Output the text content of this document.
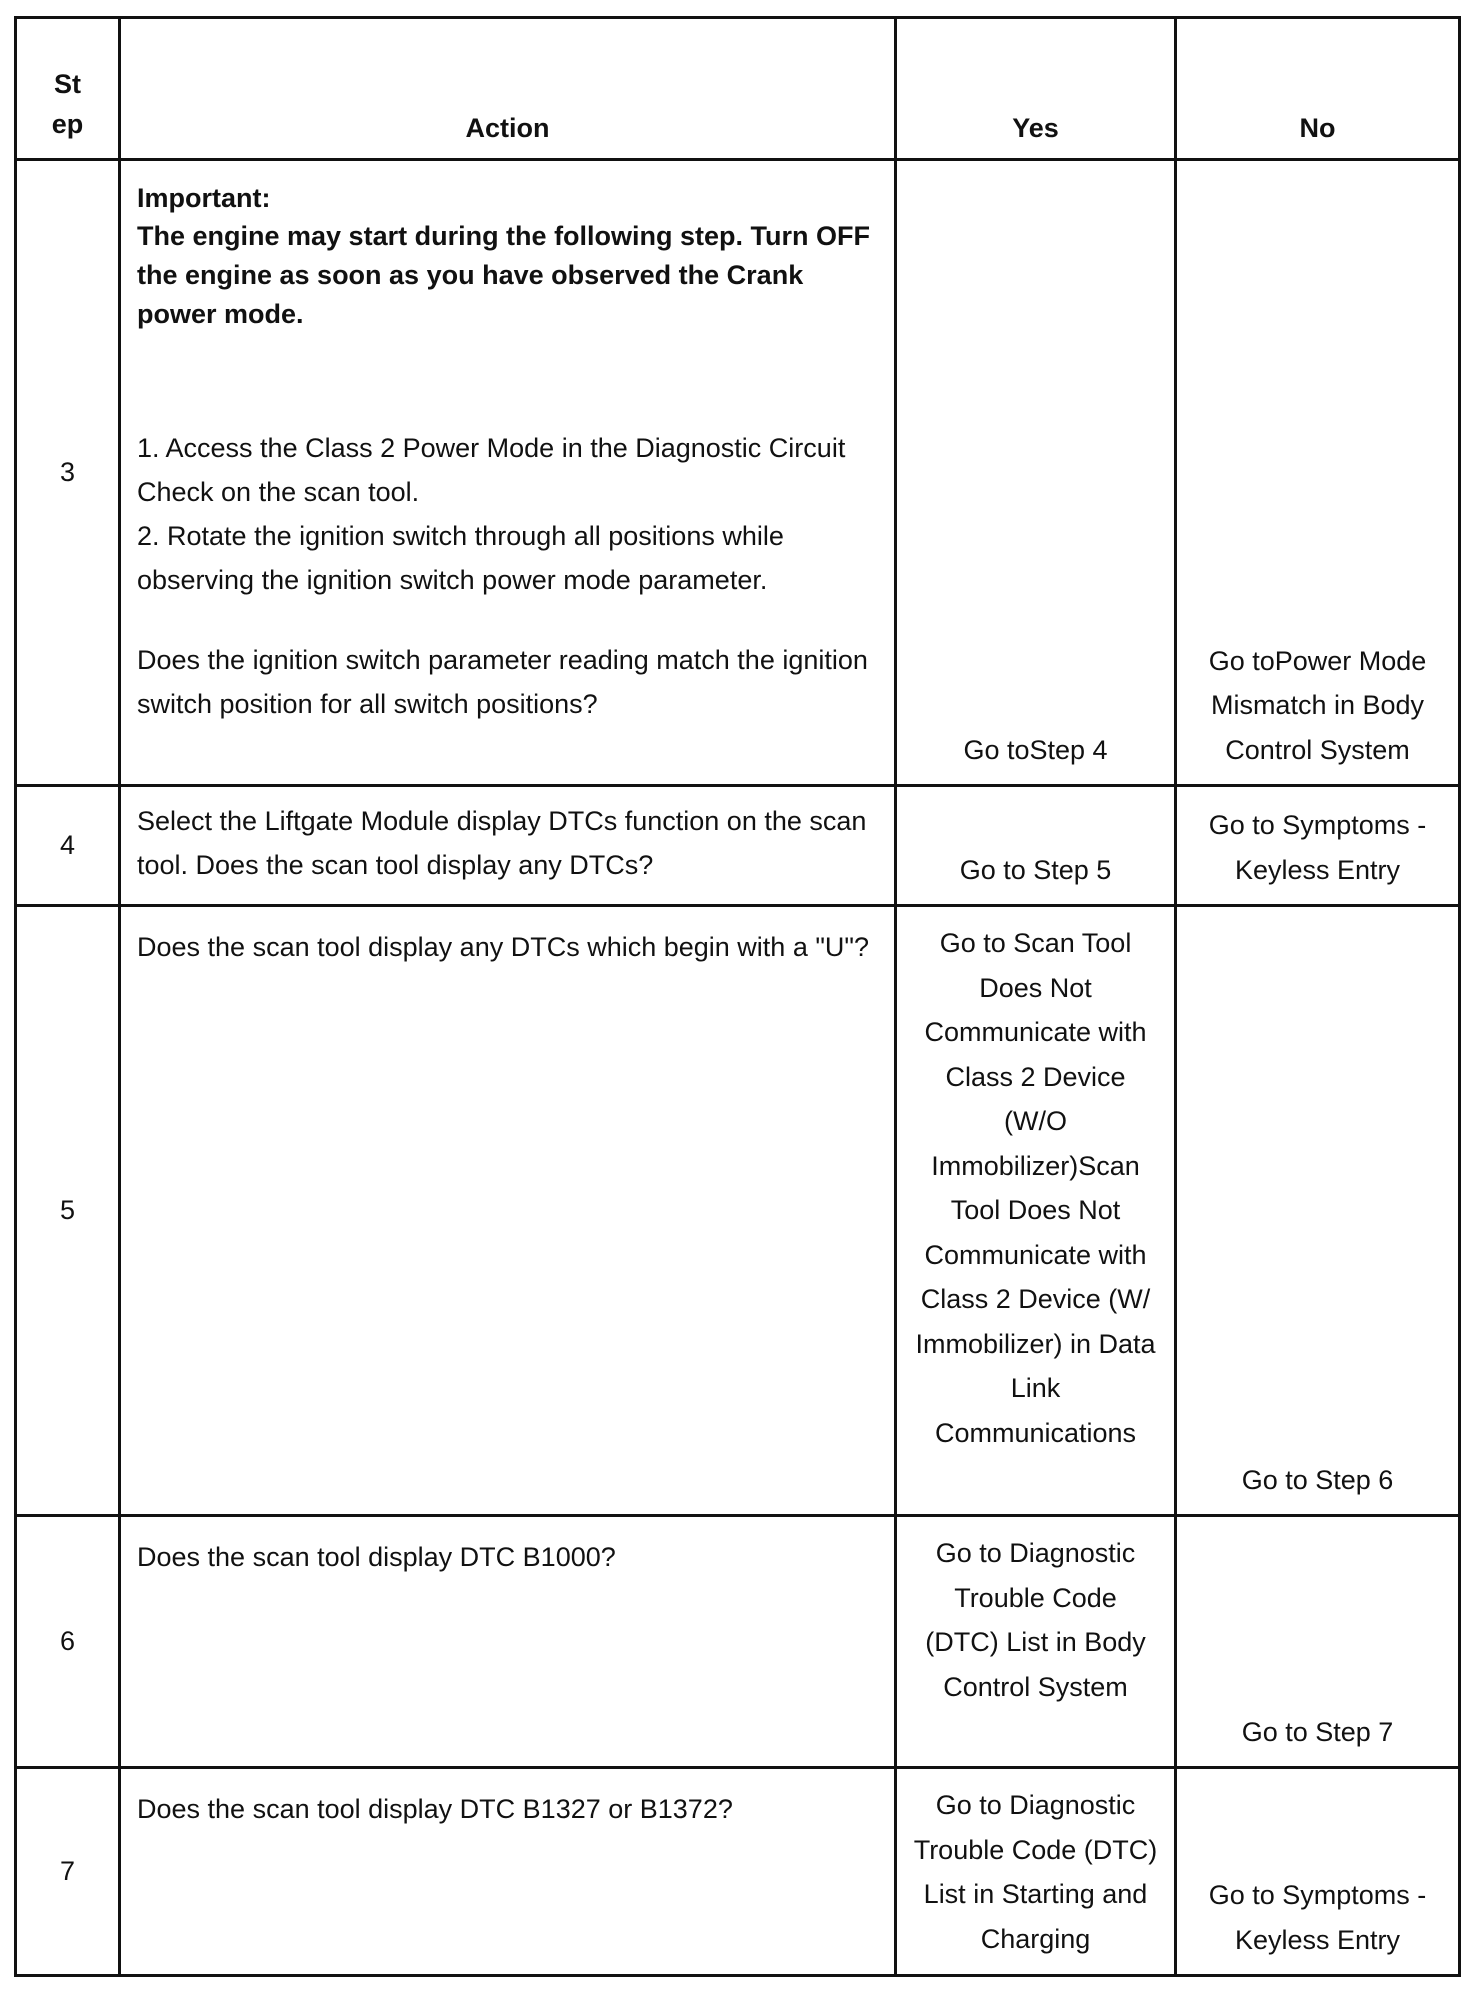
St ep	Action	Yes	No
3	Important:
The engine may start during the following step. Turn OFF the engine as soon as you have observed the Crank power mode.
1. Access the Class 2 Power Mode in the Diagnostic Circuit Check on the scan tool.
2. Rotate the ignition switch through all positions while observing the ignition switch power mode parameter.
Does the ignition switch parameter reading match the ignition switch position for all switch positions?	Go toStep 4	Go toPower Mode Mismatch in Body Control System
4	Select the Liftgate Module display DTCs function on the scan tool. Does the scan tool display any DTCs?	Go to Step 5	Go to Symptoms - Keyless Entry
5	Does the scan tool display any DTCs which begin with a "U"?	Go to Scan Tool Does Not Communicate with Class 2 Device (W/O Immobilizer)Scan Tool Does Not Communicate with Class 2 Device (W/ Immobilizer) in Data Link Communications	Go to Step 6
6	Does the scan tool display DTC B1000?	Go to Diagnostic Trouble Code (DTC) List in Body Control System	Go to Step 7
7	Does the scan tool display DTC B1327 or B1372?	Go to Diagnostic Trouble Code (DTC) List in Starting and Charging	Go to Symptoms - Keyless Entry
